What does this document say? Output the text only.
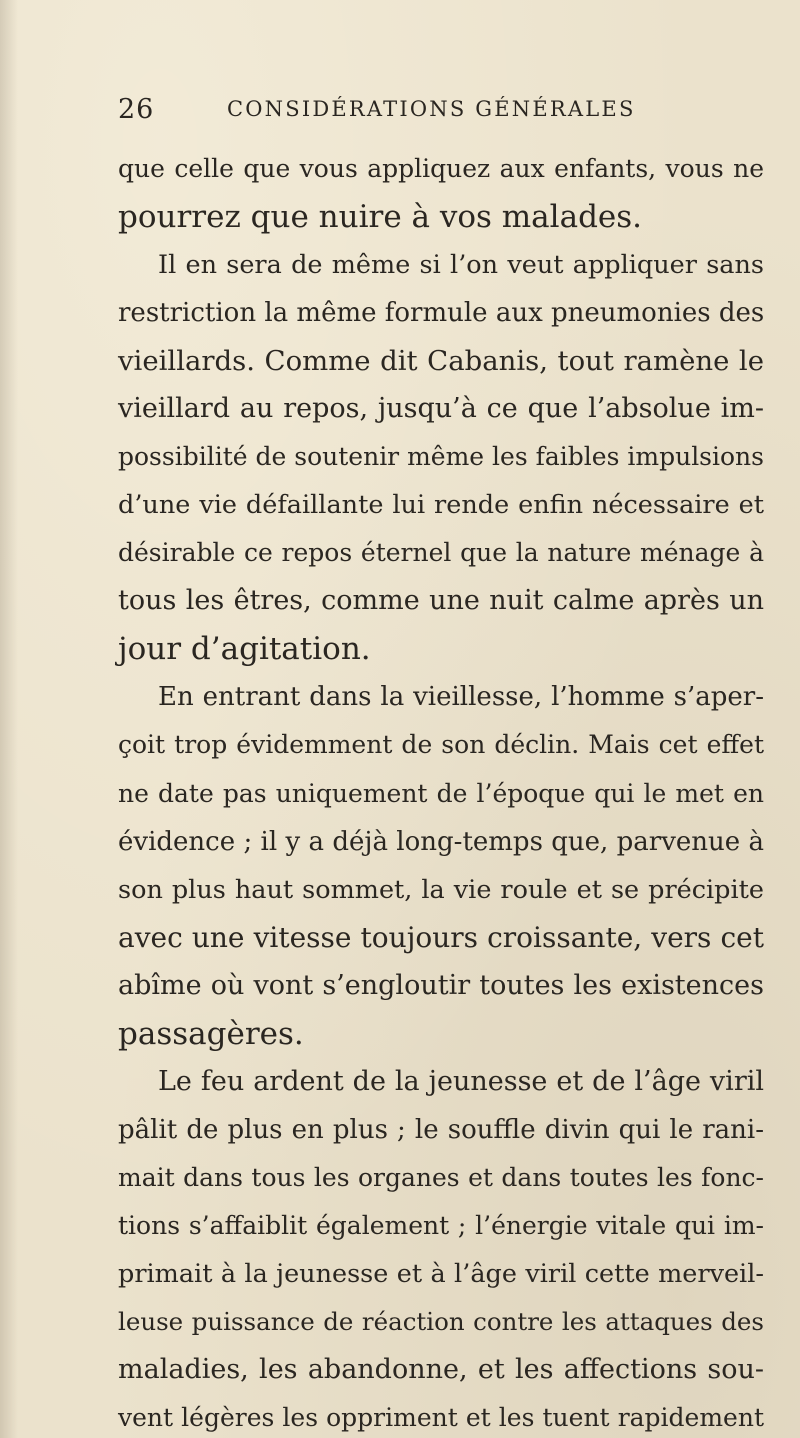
26	CONSIDÉRATIONS GÉNÉRALES
que celle que vous appliquez aux enfants, vous ne
pourrez que nuire à vos malades.
Il en sera de même si l’on veut appliquer sans
restriction la même formule aux pneumonies des
vieillards. Comme dit Cabanis, tout ramène le
vieillard au repos, jusqu’à ce que l’absolue im-
possibilité de soutenir même les faibles impulsions
d’une vie défaillante lui rende enfin nécessaire et
désirable ce repos éternel que la nature ménage à
tous les êtres, comme une nuit calme après un
jour d’agitation.
En entrant dans la vieillesse, l’homme s’aper-
çoit trop évidemment de son déclin. Mais cet effet
ne date pas uniquement de l’époque qui le met en
évidence ; il y a déjà long-temps que, parvenue à
son plus haut sommet, la vie roule et se précipite
avec une vitesse toujours croissante, vers cet
abîme où vont s’engloutir toutes les existences
passagères.
Le feu ardent de la jeunesse et de l’âge viril
pâlit de plus en plus ; le souffle divin qui le rani-
mait dans tous les organes et dans toutes les fonc-
tions s’affaiblit également ; l’énergie vitale qui im-
primait à la jeunesse et à l’âge viril cette merveil-
leuse puissance de réaction contre les attaques des
maladies, les abandonne, et les affections sou-
vent légères les oppriment et les tuent rapidement
